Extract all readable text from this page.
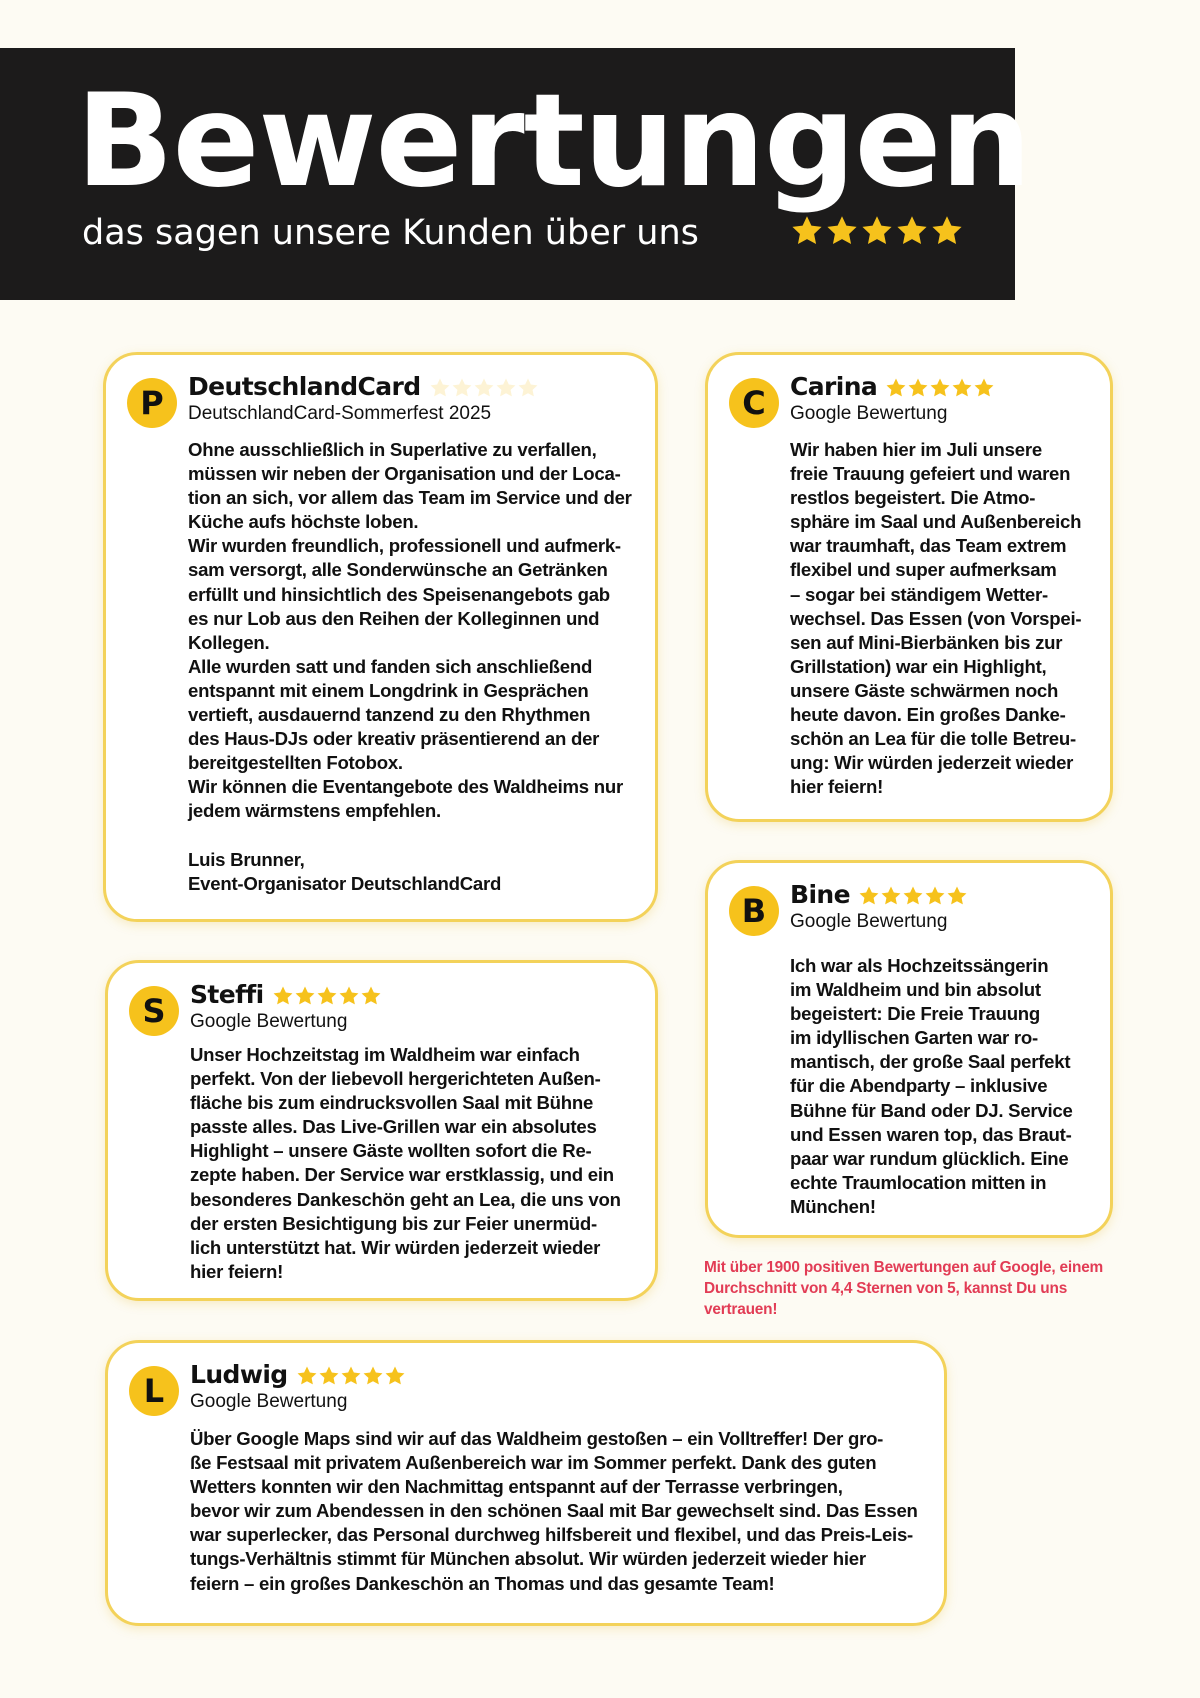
Bewertungen
das sagen unsere Kunden über uns
P DeutschlandCard
DeutschlandCard-Sommerfest 2025
Ohne ausschließlich in Superlative zu verfallen,
müssen wir neben der Organisation und der Loca-
tion an sich, vor allem das Team im Service und der
Küche aufs höchste loben.
Wir wurden freundlich, professionell und aufmerk-
sam versorgt, alle Sonderwünsche an Getränken
erfüllt und hinsichtlich des Speisenangebots gab
es nur Lob aus den Reihen der Kolleginnen und
Kollegen.
Alle wurden satt und fanden sich anschließend
entspannt mit einem Longdrink in Gesprächen
vertieft, ausdauernd tanzend zu den Rhythmen
des Haus-DJs oder kreativ präsentierend an der
bereitgestellten Fotobox.
Wir können die Eventangebote des Waldheims nur
jedem wärmstens empfehlen.

Luis Brunner,
Event-Organisator DeutschlandCard
C Carina
Google Bewertung
Wir haben hier im Juli unsere
freie Trauung gefeiert und waren
restlos begeistert. Die Atmo-
sphäre im Saal und Außenbereich
war traumhaft, das Team extrem
flexibel und super aufmerksam
– sogar bei ständigem Wetter-
wechsel. Das Essen (von Vorspei-
sen auf Mini-Bierbänken bis zur
Grillstation) war ein Highlight,
unsere Gäste schwärmen noch
heute davon. Ein großes Danke-
schön an Lea für die tolle Betreu-
ung: Wir würden jederzeit wieder
hier feiern!
B Bine
Google Bewertung
Ich war als Hochzeitssängerin
im Waldheim und bin absolut
begeistert: Die Freie Trauung
im idyllischen Garten war ro-
mantisch, der große Saal perfekt
für die Abendparty – inklusive
Bühne für Band oder DJ. Service
und Essen waren top, das Braut-
paar war rundum glücklich. Eine
echte Traumlocation mitten in
München!
S Steffi
Google Bewertung
Unser Hochzeitstag im Waldheim war einfach
perfekt. Von der liebevoll hergerichteten Außen-
fläche bis zum eindrucksvollen Saal mit Bühne
passte alles. Das Live-Grillen war ein absolutes
Highlight – unsere Gäste wollten sofort die Re-
zepte haben. Der Service war erstklassig, und ein
besonderes Dankeschön geht an Lea, die uns von
der ersten Besichtigung bis zur Feier unermüd-
lich unterstützt hat. Wir würden jederzeit wieder
hier feiern!
L	Ludwig
Google Bewertung
Über Google Maps sind wir auf das Waldheim gestoßen – ein Volltreffer! Der gro-
ße Festsaal mit privatem Außenbereich war im Sommer perfekt. Dank des guten
Wetters konnten wir den Nachmittag entspannt auf der Terrasse verbringen,
bevor wir zum Abendessen in den schönen Saal mit Bar gewechselt sind. Das Essen
war superlecker, das Personal durchweg hilfsbereit und flexibel, und das Preis-Leis-
tungs-Verhältnis stimmt für München absolut. Wir würden jederzeit wieder hier
feiern – ein großes Dankeschön an Thomas und das gesamte Team!
Mit über 1900 positiven Bewertungen auf Google, einem Durchschnitt von 4,4 Sternen von 5, kannst Du uns vertrauen!
